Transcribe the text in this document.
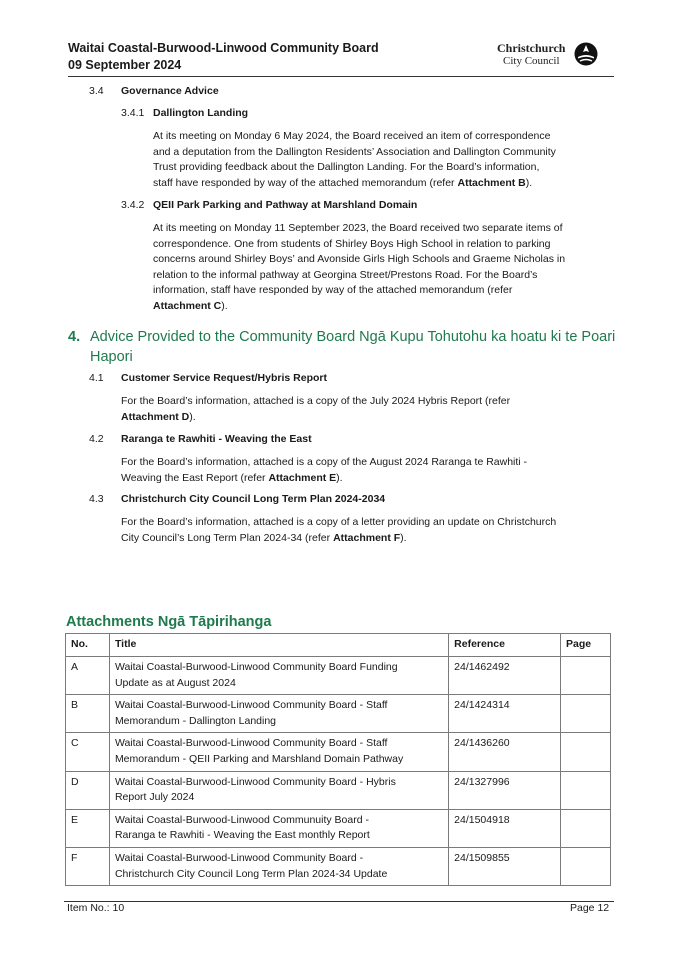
Waitai Coastal-Burwood-Linwood Community Board
09 September 2024
Christchurch
City Council
3.4 Governance Advice
3.4.1 Dallington Landing
At its meeting on Monday 6 May 2024, the Board received an item of correspondence
and a deputation from the Dallington Residents’ Association and Dallington Community
Trust providing feedback about the Dallington Landing. For the Board’s information,
staff have responded by way of the attached memorandum (refer Attachment B).
3.4.2 QEII Park Parking and Pathway at Marshland Domain
At its meeting on Monday 11 September 2023, the Board received two separate items of
correspondence. One from students of Shirley Boys High School in relation to parking
concerns around Shirley Boys’ and Avonside Girls High Schools and Graeme Nicholas in
relation to the informal pathway at Georgina Street/Prestons Road. For the Board’s
information, staff have responded by way of the attached memorandum (refer
Attachment C).
4. Advice Provided to the Community Board Ngā Kupu Tohutohu ka hoatu ki te Poari Hapori
4.1 Customer Service Request/Hybris Report
For the Board’s information, attached is a copy of the July 2024 Hybris Report (refer
Attachment D).
4.2 Raranga te Rawhiti - Weaving the East
For the Board’s information, attached is a copy of the August 2024 Raranga te Rawhiti -
Weaving the East Report (refer Attachment E).
4.3 Christchurch City Council Long Term Plan 2024-2034
For the Board’s information, attached is a copy of a letter providing an update on Christchurch
City Council’s Long Term Plan 2024-34 (refer Attachment F).
Attachments Ngā Tāpirihanga
No.	Title	Reference	Page
A	Waitai Coastal-Burwood-Linwood Community Board Funding
Update as at August 2024	24/1462492	
B	Waitai Coastal-Burwood-Linwood Community Board - Staff
Memorandum - Dallington Landing	24/1424314	
C	Waitai Coastal-Burwood-Linwood Community Board - Staff
Memorandum - QEII Parking and Marshland Domain Pathway	24/1436260	
D	Waitai Coastal-Burwood-Linwood Community Board - Hybris
Report July 2024	24/1327996	
E	Waitai Coastal-Burwood-Linwood Communuity Board -
Raranga te Rawhiti - Weaving the East monthly Report	24/1504918	
F	Waitai Coastal-Burwood-Linwood Community Board -
Christchurch City Council Long Term Plan 2024-34 Update	24/1509855	
Item No.: 10	Page 12
